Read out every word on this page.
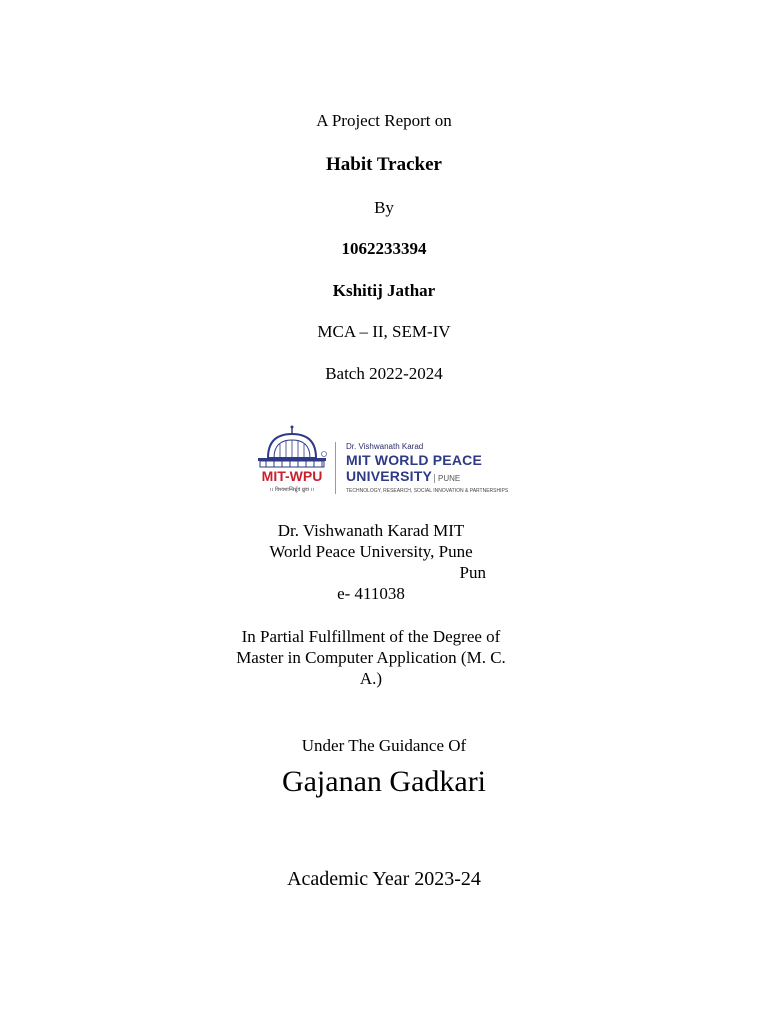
A Project Report on
Habit Tracker
By
1062233394
Kshitij Jathar
MCA – II, SEM-IV
Batch 2022-2024
MIT-WPU
।। विश्वशान्तिर्ध्रुवं ध्रुवा ।।
Dr. Vishwanath Karad
MIT WORLD PEACE
UNIVERSITY PUNE
TECHNOLOGY, RESEARCH, SOCIAL INNOVATION & PARTNERSHIPS
Dr. Vishwanath Karad MIT
World Peace University, Pune
Pun
e- 411038
In Partial Fulfillment of the Degree of
Master in Computer Application (M. C.
A.)
Under The Guidance Of
Gajanan Gadkari
Academic Year 2023-24
